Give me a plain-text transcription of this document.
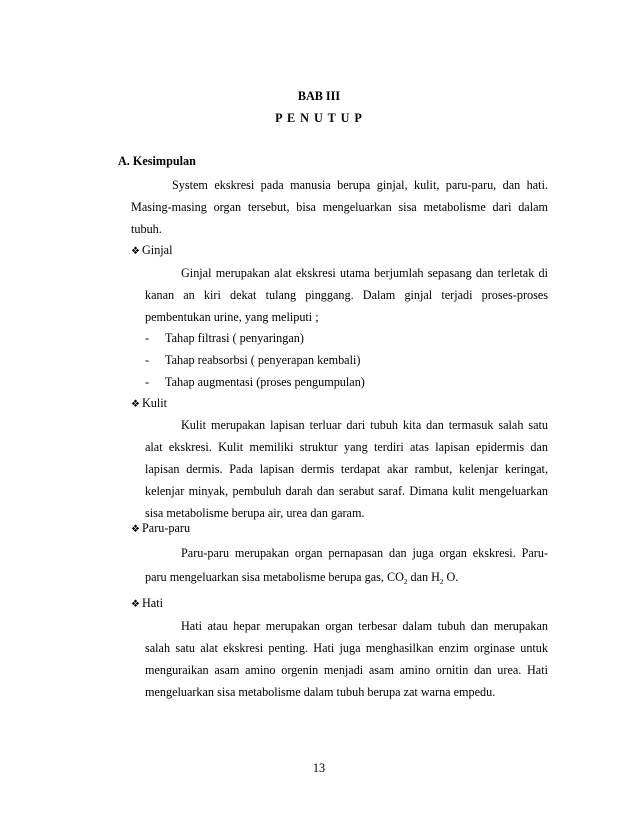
BAB III
P E N U T U P
A. Kesimpulan
System ekskresi pada manusia berupa ginjal, kulit, paru-paru, dan hati.
Masing-masing organ tersebut, bisa mengeluarkan sisa metabolisme dari dalam
tubuh.
❖ Ginjal
Ginjal merupakan alat ekskresi utama berjumlah sepasang dan terletak di
kanan an kiri dekat tulang pinggang. Dalam ginjal terjadi proses-proses
pembentukan urine, yang meliputi ;
- Tahap filtrasi ( penyaringan)
- Tahap reabsorbsi ( penyerapan kembali)
- Tahap augmentasi (proses pengumpulan)
❖ Kulit
Kulit merupakan lapisan terluar dari tubuh kita dan termasuk salah satu
alat ekskresi. Kulit memiliki struktur yang terdiri atas lapisan epidermis dan
lapisan dermis. Pada lapisan dermis terdapat akar rambut, kelenjar keringat,
kelenjar minyak, pembuluh darah dan serabut saraf. Dimana kulit mengeluarkan
sisa metabolisme berupa air, urea dan garam.
❖ Paru-paru
Paru-paru merupakan organ pernapasan dan juga organ ekskresi. Paru-
paru mengeluarkan sisa metabolisme berupa gas, $CO_2$ dan $H_2$ O.
❖ Hati
Hati atau hepar merupakan organ terbesar dalam tubuh dan merupakan
salah satu alat ekskresi penting. Hati juga menghasilkan enzim orginase untuk
menguraikan asam amino orgenin menjadi asam amino ornitin dan urea. Hati
mengeluarkan sisa metabolisme dalam tubuh berupa zat warna empedu.
13
